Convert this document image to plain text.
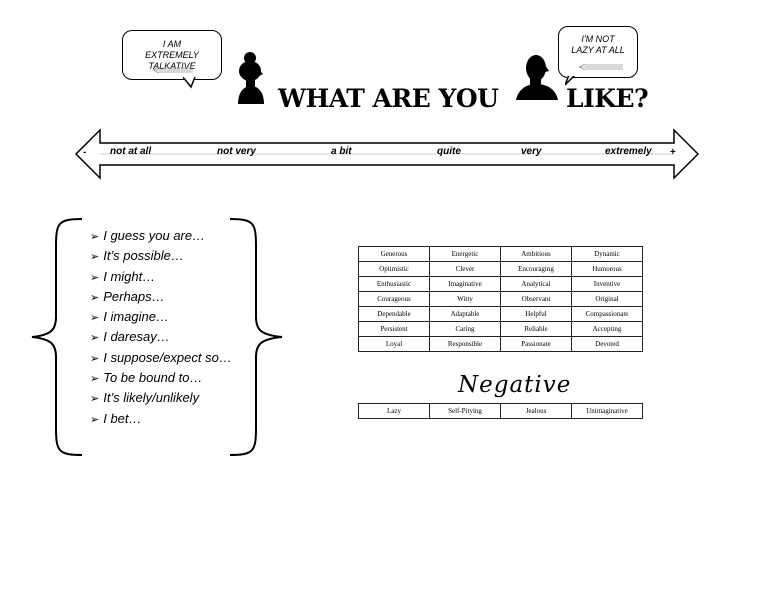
I AM EXTREMELY TALKATIVE
I'M NOT LAZY AT ALL
WHAT ARE YOU	LIKE?
-	+
not at all	not very	a bit	quite	very	extremely
➢ I guess you are…
➢ It’s possible…
➢ I might…
➢ Perhaps…
➢ I imagine…
➢ I daresay…
➢ I suppose/expect so…
➢ To be bound to…
➢ It’s likely/unlikely
➢ I bet…
Generous	Energetic	Ambitious	Dynamic
Optimistic	Clever	Encouraging	Humorous
Enthusiastic	Imaginative	Analytical	Inventive
Courageous	Witty	Observant	Original
Dependable	Adaptable	Helpful	Compassionate
Persistent	Caring	Reliable	Accepting
Loyal	Responsible	Passionate	Devoted
Negative
Lazy	Self-Pitying	Jealous	Unimaginative
